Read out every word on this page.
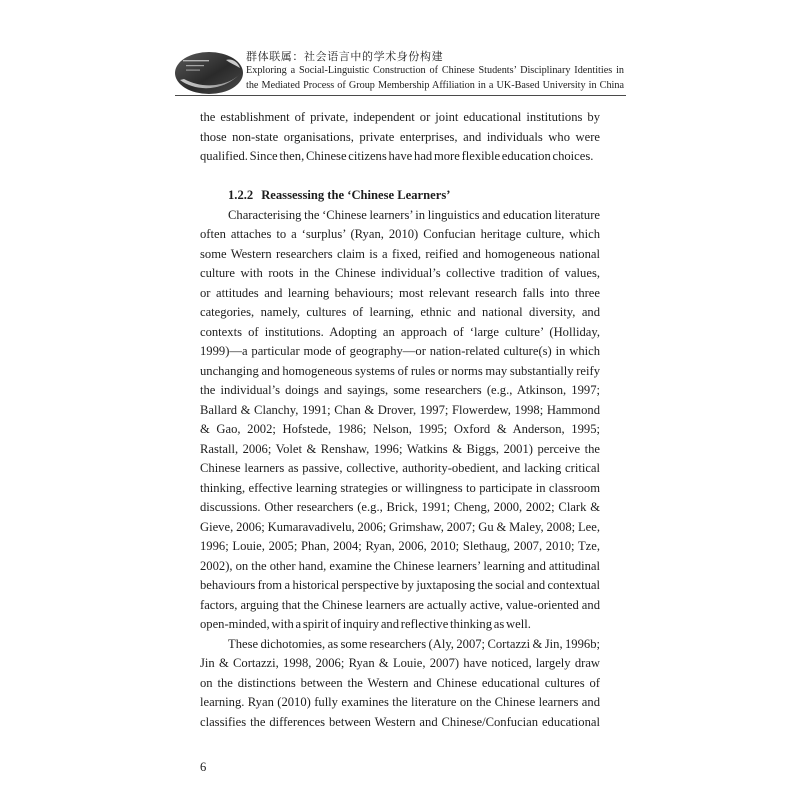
群体联属：社会语言中的学术身份构建
Exploring a Social-Linguistic Construction of Chinese Students’ Disciplinary Identities in
the Mediated Process of Group Membership Affiliation in a UK-Based University in China
the establishment of private, independent or joint educational institutions by
those non-state organisations, private enterprises, and individuals who were
qualified. Since then, Chinese citizens have had more flexible education choices.
1.2.2 Reassessing the ‘Chinese Learners’
Characterising the ‘Chinese learners’ in linguistics and education literature
often attaches to a ‘surplus’ (Ryan, 2010) Confucian heritage culture, which
some Western researchers claim is a fixed, reified and homogeneous national
culture with roots in the Chinese individual’s collective tradition of values,
or attitudes and learning behaviours; most relevant research falls into three
categories, namely, cultures of learning, ethnic and national diversity, and
contexts of institutions. Adopting an approach of ‘large culture’ (Holliday,
1999)—a particular mode of geography—or nation-related culture(s) in which
unchanging and homogeneous systems of rules or norms may substantially reify
the individual’s doings and sayings, some researchers (e.g., Atkinson, 1997;
Ballard & Clanchy, 1991; Chan & Drover, 1997; Flowerdew, 1998; Hammond
& Gao, 2002; Hofstede, 1986; Nelson, 1995; Oxford & Anderson, 1995;
Rastall, 2006; Volet & Renshaw, 1996; Watkins & Biggs, 2001) perceive the
Chinese learners as passive, collective, authority-obedient, and lacking critical
thinking, effective learning strategies or willingness to participate in classroom
discussions. Other researchers (e.g., Brick, 1991; Cheng, 2000, 2002; Clark &
Gieve, 2006; Kumaravadivelu, 2006; Grimshaw, 2007; Gu & Maley, 2008; Lee,
1996; Louie, 2005; Phan, 2004; Ryan, 2006, 2010; Slethaug, 2007, 2010; Tze,
2002), on the other hand, examine the Chinese learners’ learning and attitudinal
behaviours from a historical perspective by juxtaposing the social and contextual
factors, arguing that the Chinese learners are actually active, value-oriented and
open-minded, with a spirit of inquiry and reflective thinking as well.
These dichotomies, as some researchers (Aly, 2007; Cortazzi & Jin, 1996b;
Jin & Cortazzi, 1998, 2006; Ryan & Louie, 2007) have noticed, largely draw
on the distinctions between the Western and Chinese educational cultures of
learning. Ryan (2010) fully examines the literature on the Chinese learners and
classifies the differences between Western and Chinese/Confucian educational
6
